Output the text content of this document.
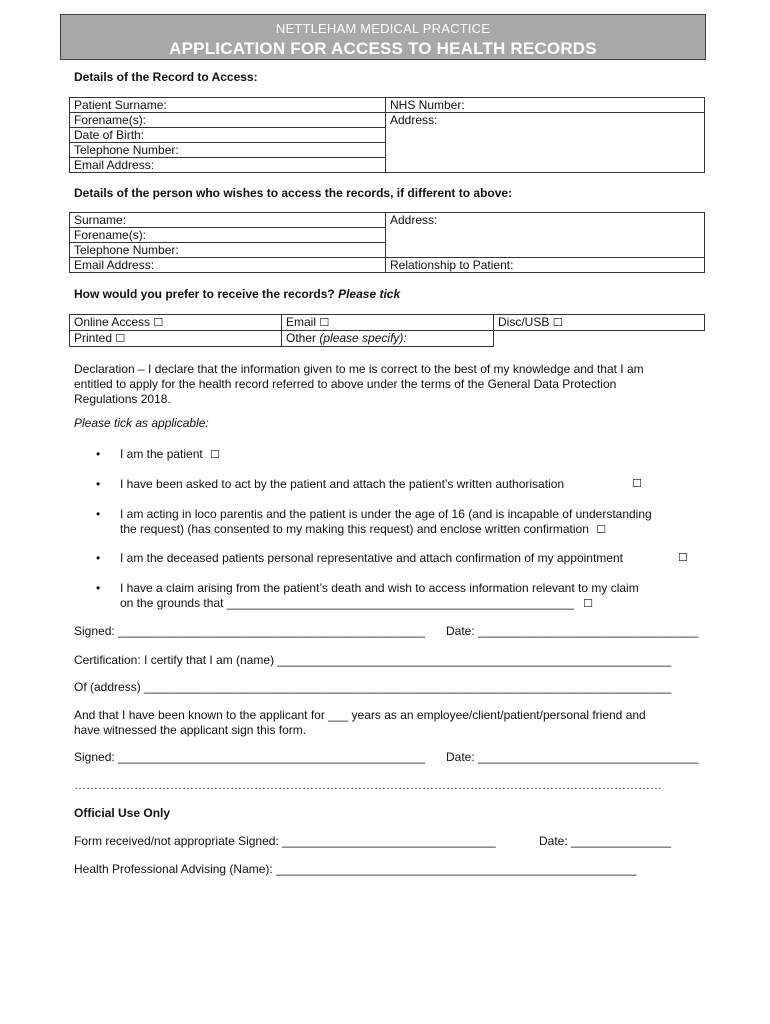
NETTLEHAM MEDICAL PRACTICE
APPLICATION FOR ACCESS TO HEALTH RECORDS
Details of the Record to Access:
Patient Surname:	NHS Number:
Forename(s):	Address:
Date of Birth:	
Telephone Number:	
Email Address:	
Details of the person who wishes to access the records, if different to above:
Surname:	Address:
Forename(s):	
Telephone Number:	
Email Address:	Relationship to Patient:
How would you prefer to receive the records? Please tick
Online Access ☐	Email ☐	Disc/USB ☐
Printed ☐	Other (please specify):	
Declaration – I declare that the information given to me is correct to the best of my knowledge and that I am
entitled to apply for the health record referred to above under the terms of the General Data Protection
Regulations 2018.
Please tick as applicable:
• I am the patient ☐
• I have been asked to act by the patient and attach the patient’s written authorisation	☐
• I am acting in loco parentis and the patient is under the age of 16 (and is incapable of understanding
the request) (has consented to my making this request) and enclose written confirmation ☐
• I am the deceased patients personal representative and attach confirmation of my appointment	☐
• I have a claim arising from the patient’s death and wish to access information relevant to my claim
on the grounds that ____________________________________________________ ☐
Signed: ______________________________________________ Date: _________________________________
Certification: I certify that I am (name) ___________________________________________________________
Of (address) _______________________________________________________________________________
And that I have been known to the applicant for ___ years as an employee/client/patient/personal friend and
have witnessed the applicant sign this form.
Signed: ______________________________________________ Date: _________________________________
…………………………………………………………………………………………………………………………………
Official Use Only
Form received/not appropriate Signed: ________________________________	Date: _______________
Health Professional Advising (Name): ______________________________________________________
